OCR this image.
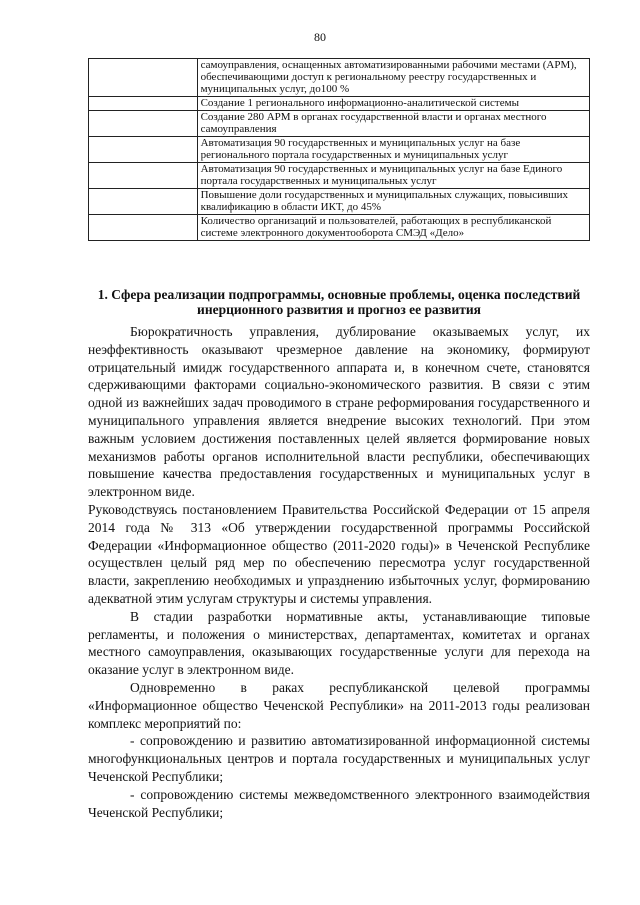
80
	самоуправления, оснащенных автоматизированными рабочими местами (АРМ), обеспечивающими доступ к региональному реестру государственных и муниципальных услуг, до100 %
	Создание 1 регионального информационно-аналитической системы
	Создание 280 АРМ в органах государственной власти и органах местного самоуправления
	Автоматизация 90 государственных и муниципальных услуг на базе регионального портала государственных и муниципальных услуг
	Автоматизация 90 государственных и муниципальных услуг на базе Единого портала государственных и муниципальных услуг
	Повышение доли государственных и муниципальных служащих, повысивших квалификацию в области ИКТ, до 45%
	Количество организаций и пользователей, работающих в республиканской системе электронного документооборота СМЭД «Дело»
1. Сфера реализации подпрограммы, основные проблемы, оценка последствий инерционного развития и прогноз ее развития

Бюрократичность управления, дублирование оказываемых услуг, их неэффективность оказывают чрезмерное давление на экономику, формируют отрицательный имидж государственного аппарата и, в конечном счете, становятся сдерживающими факторами социально-экономического развития. В связи с этим одной из важнейших задач проводимого в стране реформирования государственного и муниципального управления является внедрение высоких технологий. При этом важным условием достижения поставленных целей является формирование новых механизмов работы органов исполнительной власти республики, обеспечивающих повышение качества предоставления государственных и муниципальных услуг в электронном виде.

Руководствуясь постановлением Правительства Российской Федерации от 15 апреля 2014 года № 313 «Об утверждении государственной программы Российской Федерации «Информационное общество (2011-2020 годы)» в Чеченской Республике осуществлен целый ряд мер по обеспечению пересмотра услуг государственной власти, закреплению необходимых и упразднению избыточных услуг, формированию адекватной этим услугам структуры и системы управления.

В стадии разработки нормативные акты, устанавливающие типовые регламенты, и положения о министерствах, департаментах, комитетах и органах местного самоуправления, оказывающих государственные услуги для перехода на оказание услуг в электронном виде.

Одновременно в раках республиканской целевой программы «Информационное общество Чеченской Республики» на 2011-2013 годы реализован комплекс мероприятий по:

- сопровождению и развитию автоматизированной информационной системы многофункциональных центров и портала государственных и муниципальных услуг Чеченской Республики;

- сопровождению системы межведомственного электронного взаимодействия Чеченской Республики;
